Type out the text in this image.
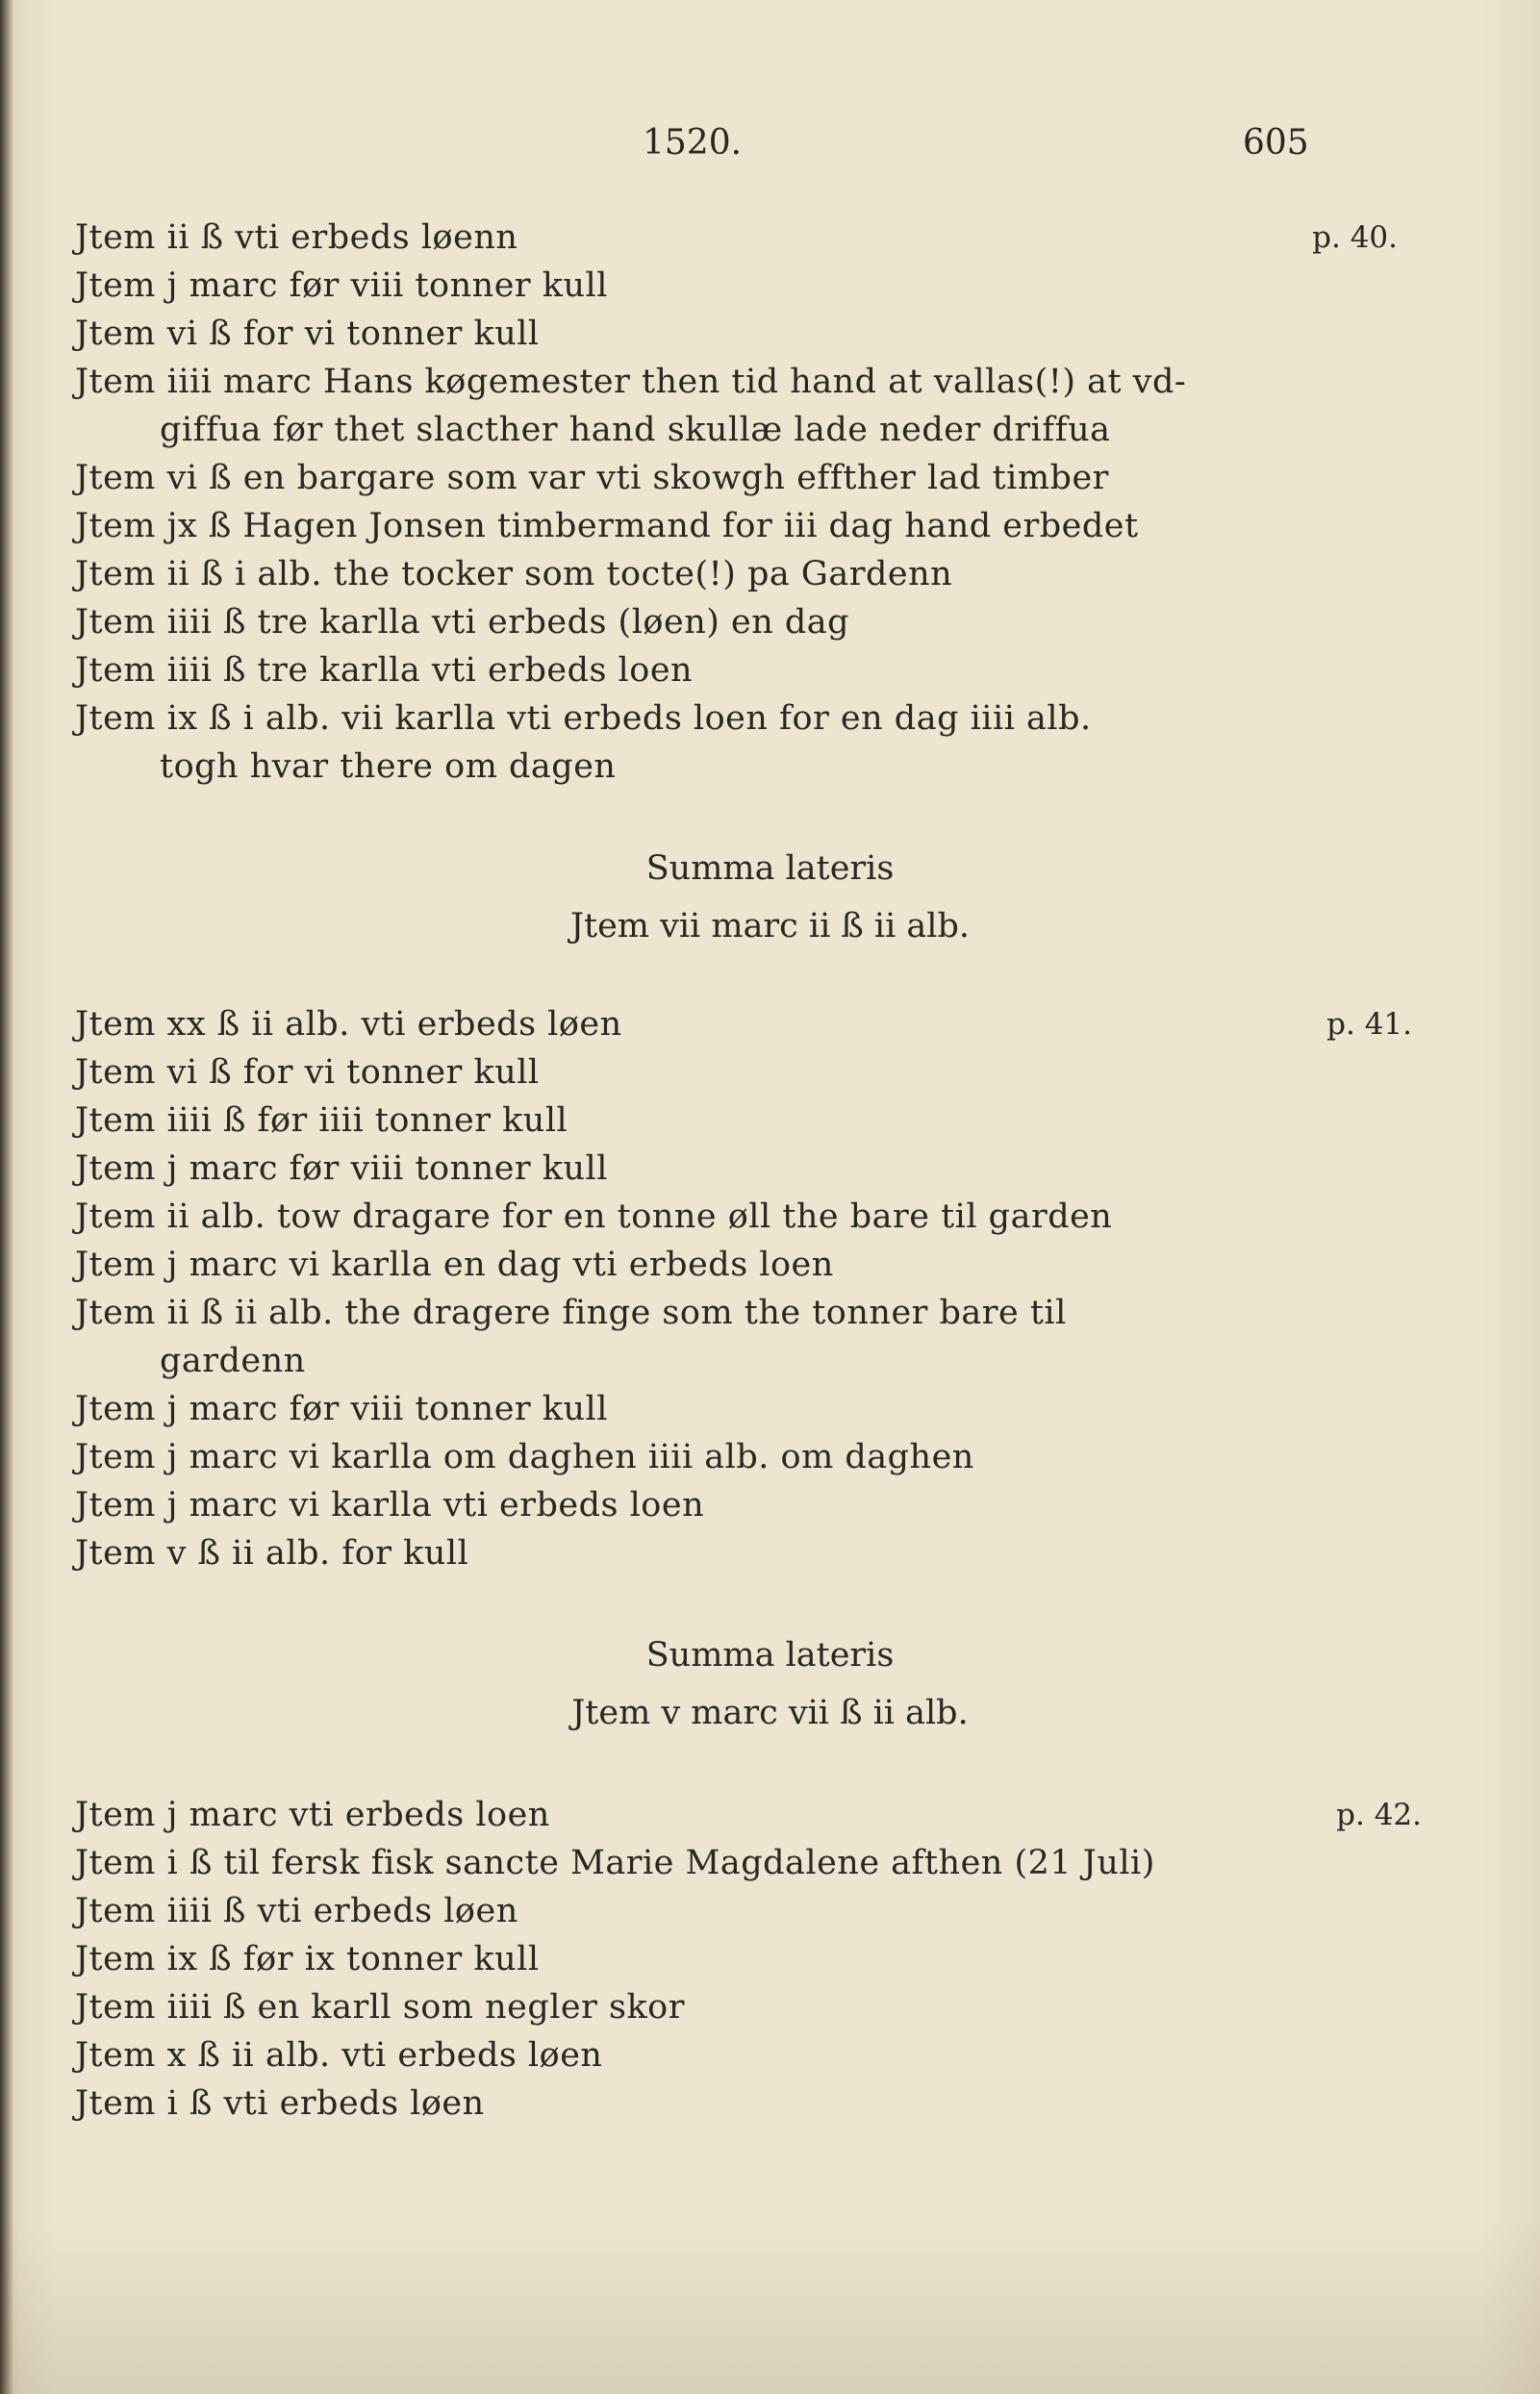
1520.	605
p. 40.
Jtem ii ß vti erbeds løenn
Jtem j marc før viii tonner kull
Jtem vi ß for vi tonner kull
Jtem iiii marc Hans køgemester then tid hand at vallas(!) at vd-
giffua før thet slacther hand skullæ lade neder driffua
Jtem vi ß en bargare som var vti skowgh effther lad timber
Jtem jx ß Hagen Jonsen timbermand for iii dag hand erbedet
Jtem ii ß i alb. the tocker som tocte(!) pa Gardenn
Jtem iiii ß tre karlla vti erbeds (løen) en dag
Jtem iiii ß tre karlla vti erbeds loen
Jtem ix ß i alb. vii karlla vti erbeds loen for en dag iiii alb.
togh hvar there om dagen
Summa lateris
Jtem vii marc ii ß ii alb.
p. 41.
Jtem xx ß ii alb. vti erbeds løen
Jtem vi ß for vi tonner kull
Jtem iiii ß før iiii tonner kull
Jtem j marc før viii tonner kull
Jtem ii alb. tow dragare for en tonne øll the bare til garden
Jtem j marc vi karlla en dag vti erbeds loen
Jtem ii ß ii alb. the dragere finge som the tonner bare til
gardenn
Jtem j marc før viii tonner kull
Jtem j marc vi karlla om daghen iiii alb. om daghen
Jtem j marc vi karlla vti erbeds loen
Jtem v ß ii alb. for kull
Summa lateris
Jtem v marc vii ß ii alb.
p. 42.
Jtem j marc vti erbeds loen
Jtem i ß til fersk fisk sancte Marie Magdalene afthen (21 Juli)
Jtem iiii ß vti erbeds løen
Jtem ix ß før ix tonner kull
Jtem iiii ß en karll som negler skor
Jtem x ß ii alb. vti erbeds løen
Jtem i ß vti erbeds løen
